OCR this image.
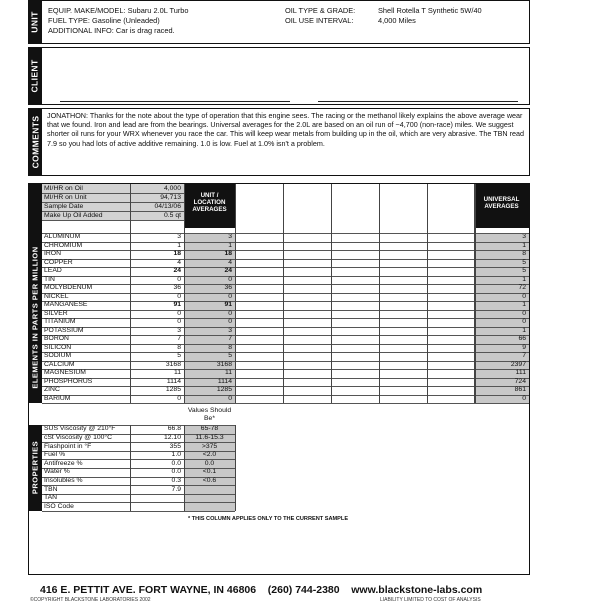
UNIT
EQUIP. MAKE/MODEL: Subaru 2.0L Turbo
FUEL TYPE: Gasoline (Unleaded)
ADDITIONAL INFO: Car is drag raced.
OIL TYPE & GRADE:	Shell Rotella T Synthetic 5W/40
OIL USE INTERVAL:	4,000 Miles
CLIENT
COMMENTS
JONATHON: Thanks for the note about the type of operation that this engine sees. The racing or the methanol likely explains the above average wear that we found. Iron and lead are from the bearings. Universal averages for the 2.0L are based on an oil run of ~4,700 (non-race) miles. We suggest shorter oil runs for your WRX whenever you race the car. This will keep wear metals from building up in the oil, which are very abrasive. The TBN read 7.9 so you had lots of active additive remaining. 1.0 is low. Fuel at 1.0% isn't a problem.
UNIT / LOCATION AVERAGES
UNIVERSAL AVERAGES
MI/HR on Oil	4,000
MI/HR on Unit	94,713
Sample Date	04/13/06
Make Up Oil Added	0.5 qt
ELEMENTS IN PARTS PER MILLION
ALUMINUM	3	3	3
CHROMIUM	1	1	1
IRON	18	18	8
COPPER	4	4	5
LEAD	24	24	5
TIN	0	0	1
MOLYBDENUM	36	36	72
NICKEL	0	0	0
MANGANESE	91	91	1
SILVER	0	0	0
TITANIUM	0	0	0
POTASSIUM	3	3	1
BORON	7	7	66
SILICON	8	8	9
SODIUM	5	5	7
CALCIUM	3168	3168	2397
MAGNESIUM	11	11	111
PHOSPHORUS	1114	1114	724
ZINC	1285	1285	861
BARIUM	0	0	0
Values Should Be*
PROPERTIES
SUS Viscosity @ 210°F	66.8	65-78
cSt Viscosity @ 100°C	12.10	11.6-15.3
Flashpoint in °F	355	>375
Fuel %	1.0	<2.0
Antifreeze %	0.0	0.0
Water %	0.0	<0.1
Insolubles %	0.3	<0.6
TBN	7.9
TAN
ISO Code
* THIS COLUMN APPLIES ONLY TO THE CURRENT SAMPLE
416 E. PETTIT AVE. FORT WAYNE, IN 46806 (260) 744-2380 www.blackstone-labs.com
©COPYRIGHT BLACKSTONE LABORATORIES 2002	LIABILITY LIMITED TO COST OF ANALYSIS
